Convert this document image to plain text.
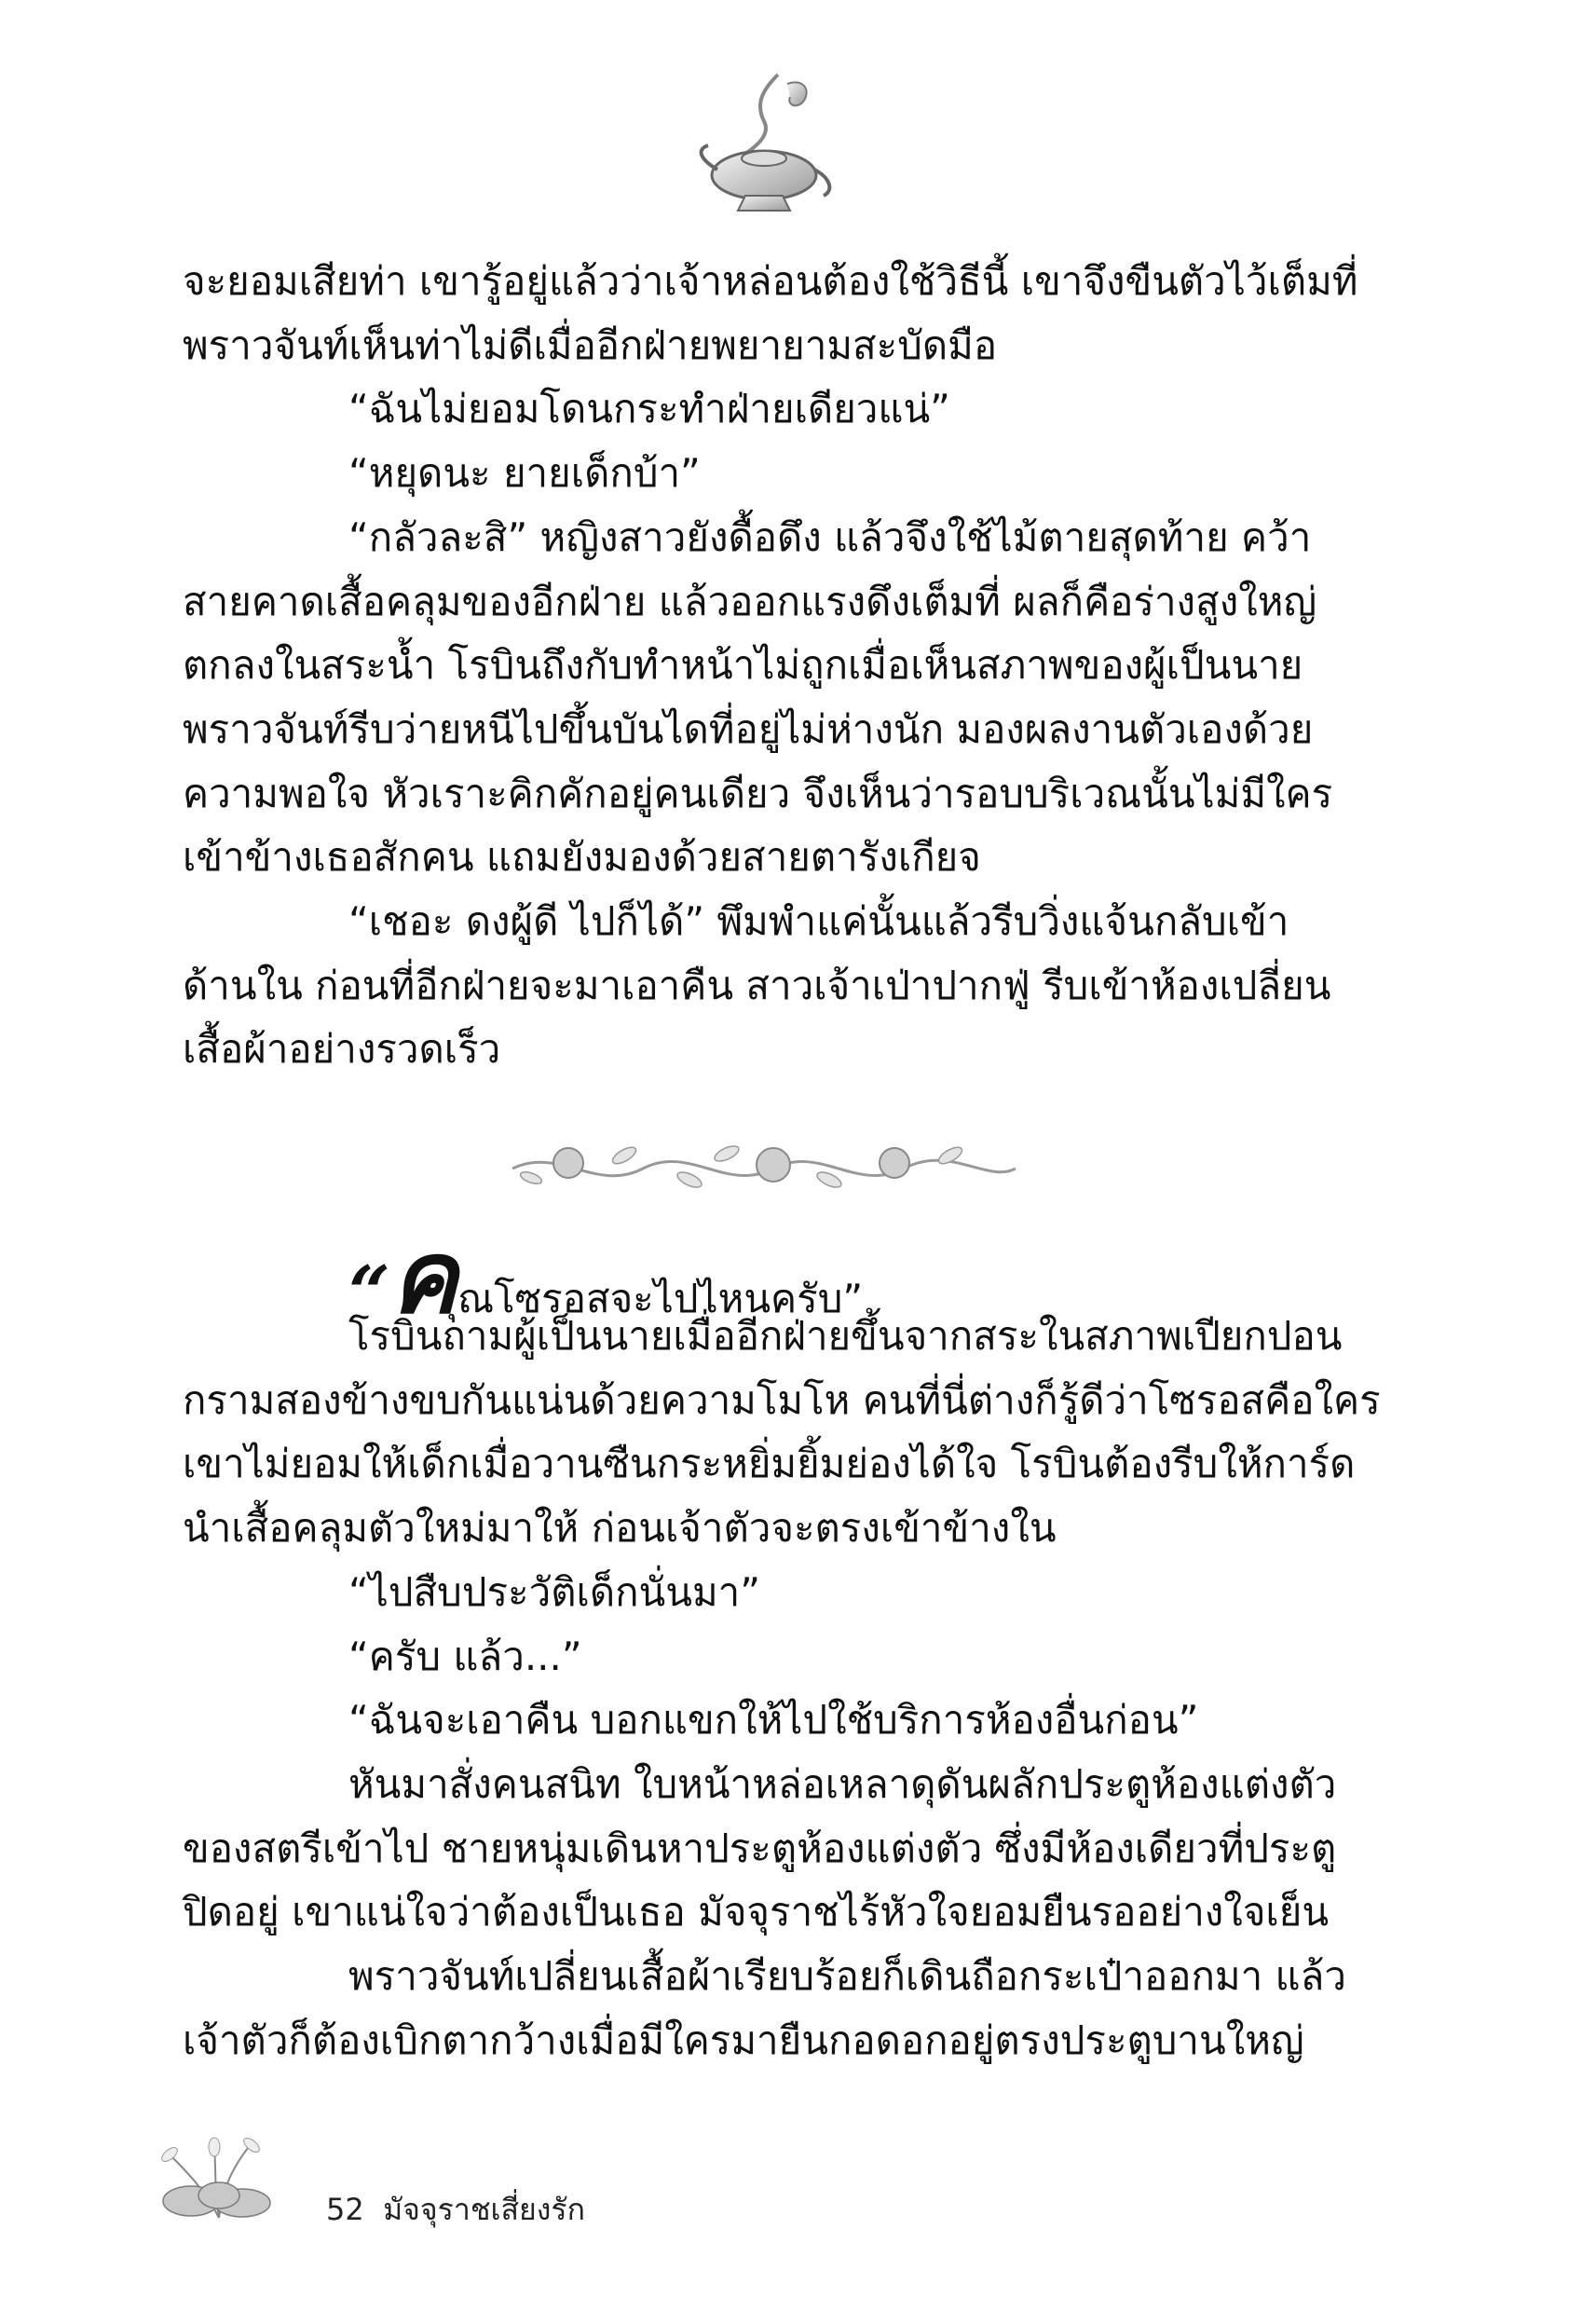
จะยอมเสียท่า เขารู้อยู่แล้วว่าเจ้าหล่อนต้องใช้วิธีนี้ เขาจึงขืนตัวไว้เต็มที่

พราวจันท์เห็นท่าไม่ดีเมื่ออีกฝ่ายพยายามสะบัดมือ

“ฉันไม่ยอมโดนกระทำฝ่ายเดียวแน่”

“หยุดนะ ยายเด็กบ้า”

“กลัวละสิ” หญิงสาวยังดื้อดึง แล้วจึงใช้ไม้ตายสุดท้าย คว้า

สายคาดเสื้อคลุมของอีกฝ่าย แล้วออกแรงดึงเต็มที่ ผลก็คือร่างสูงใหญ่

ตกลงในสระน้ำ โรบินถึงกับทำหน้าไม่ถูกเมื่อเห็นสภาพของผู้เป็นนาย

พราวจันท์รีบว่ายหนีไปขึ้นบันไดที่อยู่ไม่ห่างนัก มองผลงานตัวเองด้วย

ความพอใจ หัวเราะคิกคักอยู่คนเดียว จึงเห็นว่ารอบบริเวณนั้นไม่มีใคร

เข้าข้างเธอสักคน แถมยังมองด้วยสายตารังเกียจ

“เชอะ ดงผู้ดี ไปก็ได้” พึมพำแค่นั้นแล้วรีบวิ่งแจ้นกลับเข้า

ด้านใน ก่อนที่อีกฝ่ายจะมาเอาคืน สาวเจ้าเป่าปากฟู่ รีบเข้าห้องเปลี่ยน

เสื้อผ้าอย่างรวดเร็ว

“คุณโซรอสจะไปไหนครับ”

โรบินถามผู้เป็นนายเมื่ออีกฝ่ายขึ้นจากสระในสภาพเปียกปอน

กรามสองข้างขบกันแน่นด้วยความโมโห คนที่นี่ต่างก็รู้ดีว่าโซรอสคือใคร

เขาไม่ยอมให้เด็กเมื่อวานซืนกระหยิ่มยิ้มย่องได้ใจ โรบินต้องรีบให้การ์ด

นำเสื้อคลุมตัวใหม่มาให้ ก่อนเจ้าตัวจะตรงเข้าข้างใน

“ไปสืบประวัติเด็กนั่นมา”

“ครับ แล้ว...”

“ฉันจะเอาคืน บอกแขกให้ไปใช้บริการห้องอื่นก่อน”

หันมาสั่งคนสนิท ใบหน้าหล่อเหลาดุดันผลักประตูห้องแต่งตัว

ของสตรีเข้าไป ชายหนุ่มเดินหาประตูห้องแต่งตัว ซึ่งมีห้องเดียวที่ประตู

ปิดอยู่ เขาแน่ใจว่าต้องเป็นเธอ มัจจุราชไร้หัวใจยอมยืนรออย่างใจเย็น

พราวจันท์เปลี่ยนเสื้อผ้าเรียบร้อยก็เดินถือกระเป๋าออกมา แล้ว

เจ้าตัวก็ต้องเบิกตากว้างเมื่อมีใครมายืนกอดอกอยู่ตรงประตูบานใหญ่

52 มัจจุราชเสี่ยงรัก
